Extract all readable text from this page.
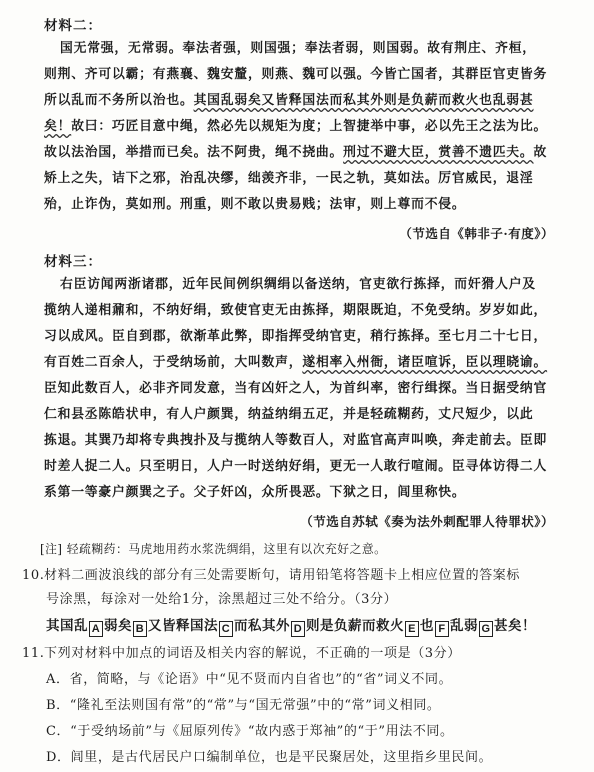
材料二：
国无常强，无常弱。奉法者强，则国强；奉法者弱，则国弱。故有荆庄、齐桓，
则荆、齐可以霸；有燕襄、魏安釐，则燕、魏可以强。今皆亡国者，其群臣官吏皆务
所以乱而不务所以治也。其国乱弱矣又皆释国法而私其外则是负薪而救火也乱弱甚
矣！故曰：巧匠目意中绳，然必先以规矩为度；上智捷举中事，必以先王之法为比。
故以法治国，举措而已矣。法不阿贵，绳不挠曲。刑过不避大臣，赏善不遗匹夫。故
矫上之失，诘下之邪，治乱决缪，绌羡齐非，一民之轨，莫如法。厉官威民，退淫
殆，止诈伪，莫如刑。刑重，则不敢以贵易贱；法审，则上尊而不侵。
（节选自《韩非子·有度》）
材料三：
右臣访闻两浙诸郡，近年民间例织绸绢以备送纳，官吏欲行拣择，而奸猾人户及
揽纳人递相鼐和，不纳好绢，致使官吏无由拣择，期限既迫，不免受纳。岁岁如此，
习以成风。臣自到郡，欲渐革此弊，即指挥受纳官吏，稍行拣择。至七月二十七日，
有百姓二百余人，于受纳场前，大叫数声，遂相率入州衙，诸臣喧诉，臣以理晓谕。
臣知此数百人，必非齐同发意，当有凶奸之人，为首纠率，密行缉探。当日据受纳官
仁和县丞陈皓状申，有人户颜巽，纳益纳绢五疋，并是轻疏糊药，丈尺短少，以此
拣退。其巽乃却将专典拽扑及与揽纳人等数百人，对监官高声叫唤，奔走前去。臣即
时差人捉二人。只至明日，人户一时送纳好绢，更无一人敢行喧闹。臣寻体访得二人
系第一等豪户颜巽之子。父子奸凶，众所畏恶。下狱之日，闾里称快。
（节选自苏轼《奏为法外刺配罪人待罪状》）
[注] 轻疏糊药：马虎地用药水浆洗绸绢，这里有以次充好之意。
10.材料二画波浪线的部分有三处需要断句，请用铅笔将答题卡上相应位置的答案标
号涂黑，每涂对一处给1分，涂黑超过三处不给分。（3分）
其国乱 A 弱矣 B 又皆释国法 C 而私其外 D 则是负薪而救火 E 也 F 乱弱 G 甚矣！
11.下列对材料中加点的词语及相关内容的解说，不正确的一项是（3分）
A．省，简略，与《论语》中“见不贤而内自省也”的“省”词义不同。
B．“隆礼至法则国有常”的“常”与“国无常强”中的“常”词义相同。
C．“于受纳场前”与《屈原列传》“故内惑于郑袖”的“于”用法不同。
D．闾里，是古代居民户口编制单位，也是平民聚居处，这里指乡里民间。
